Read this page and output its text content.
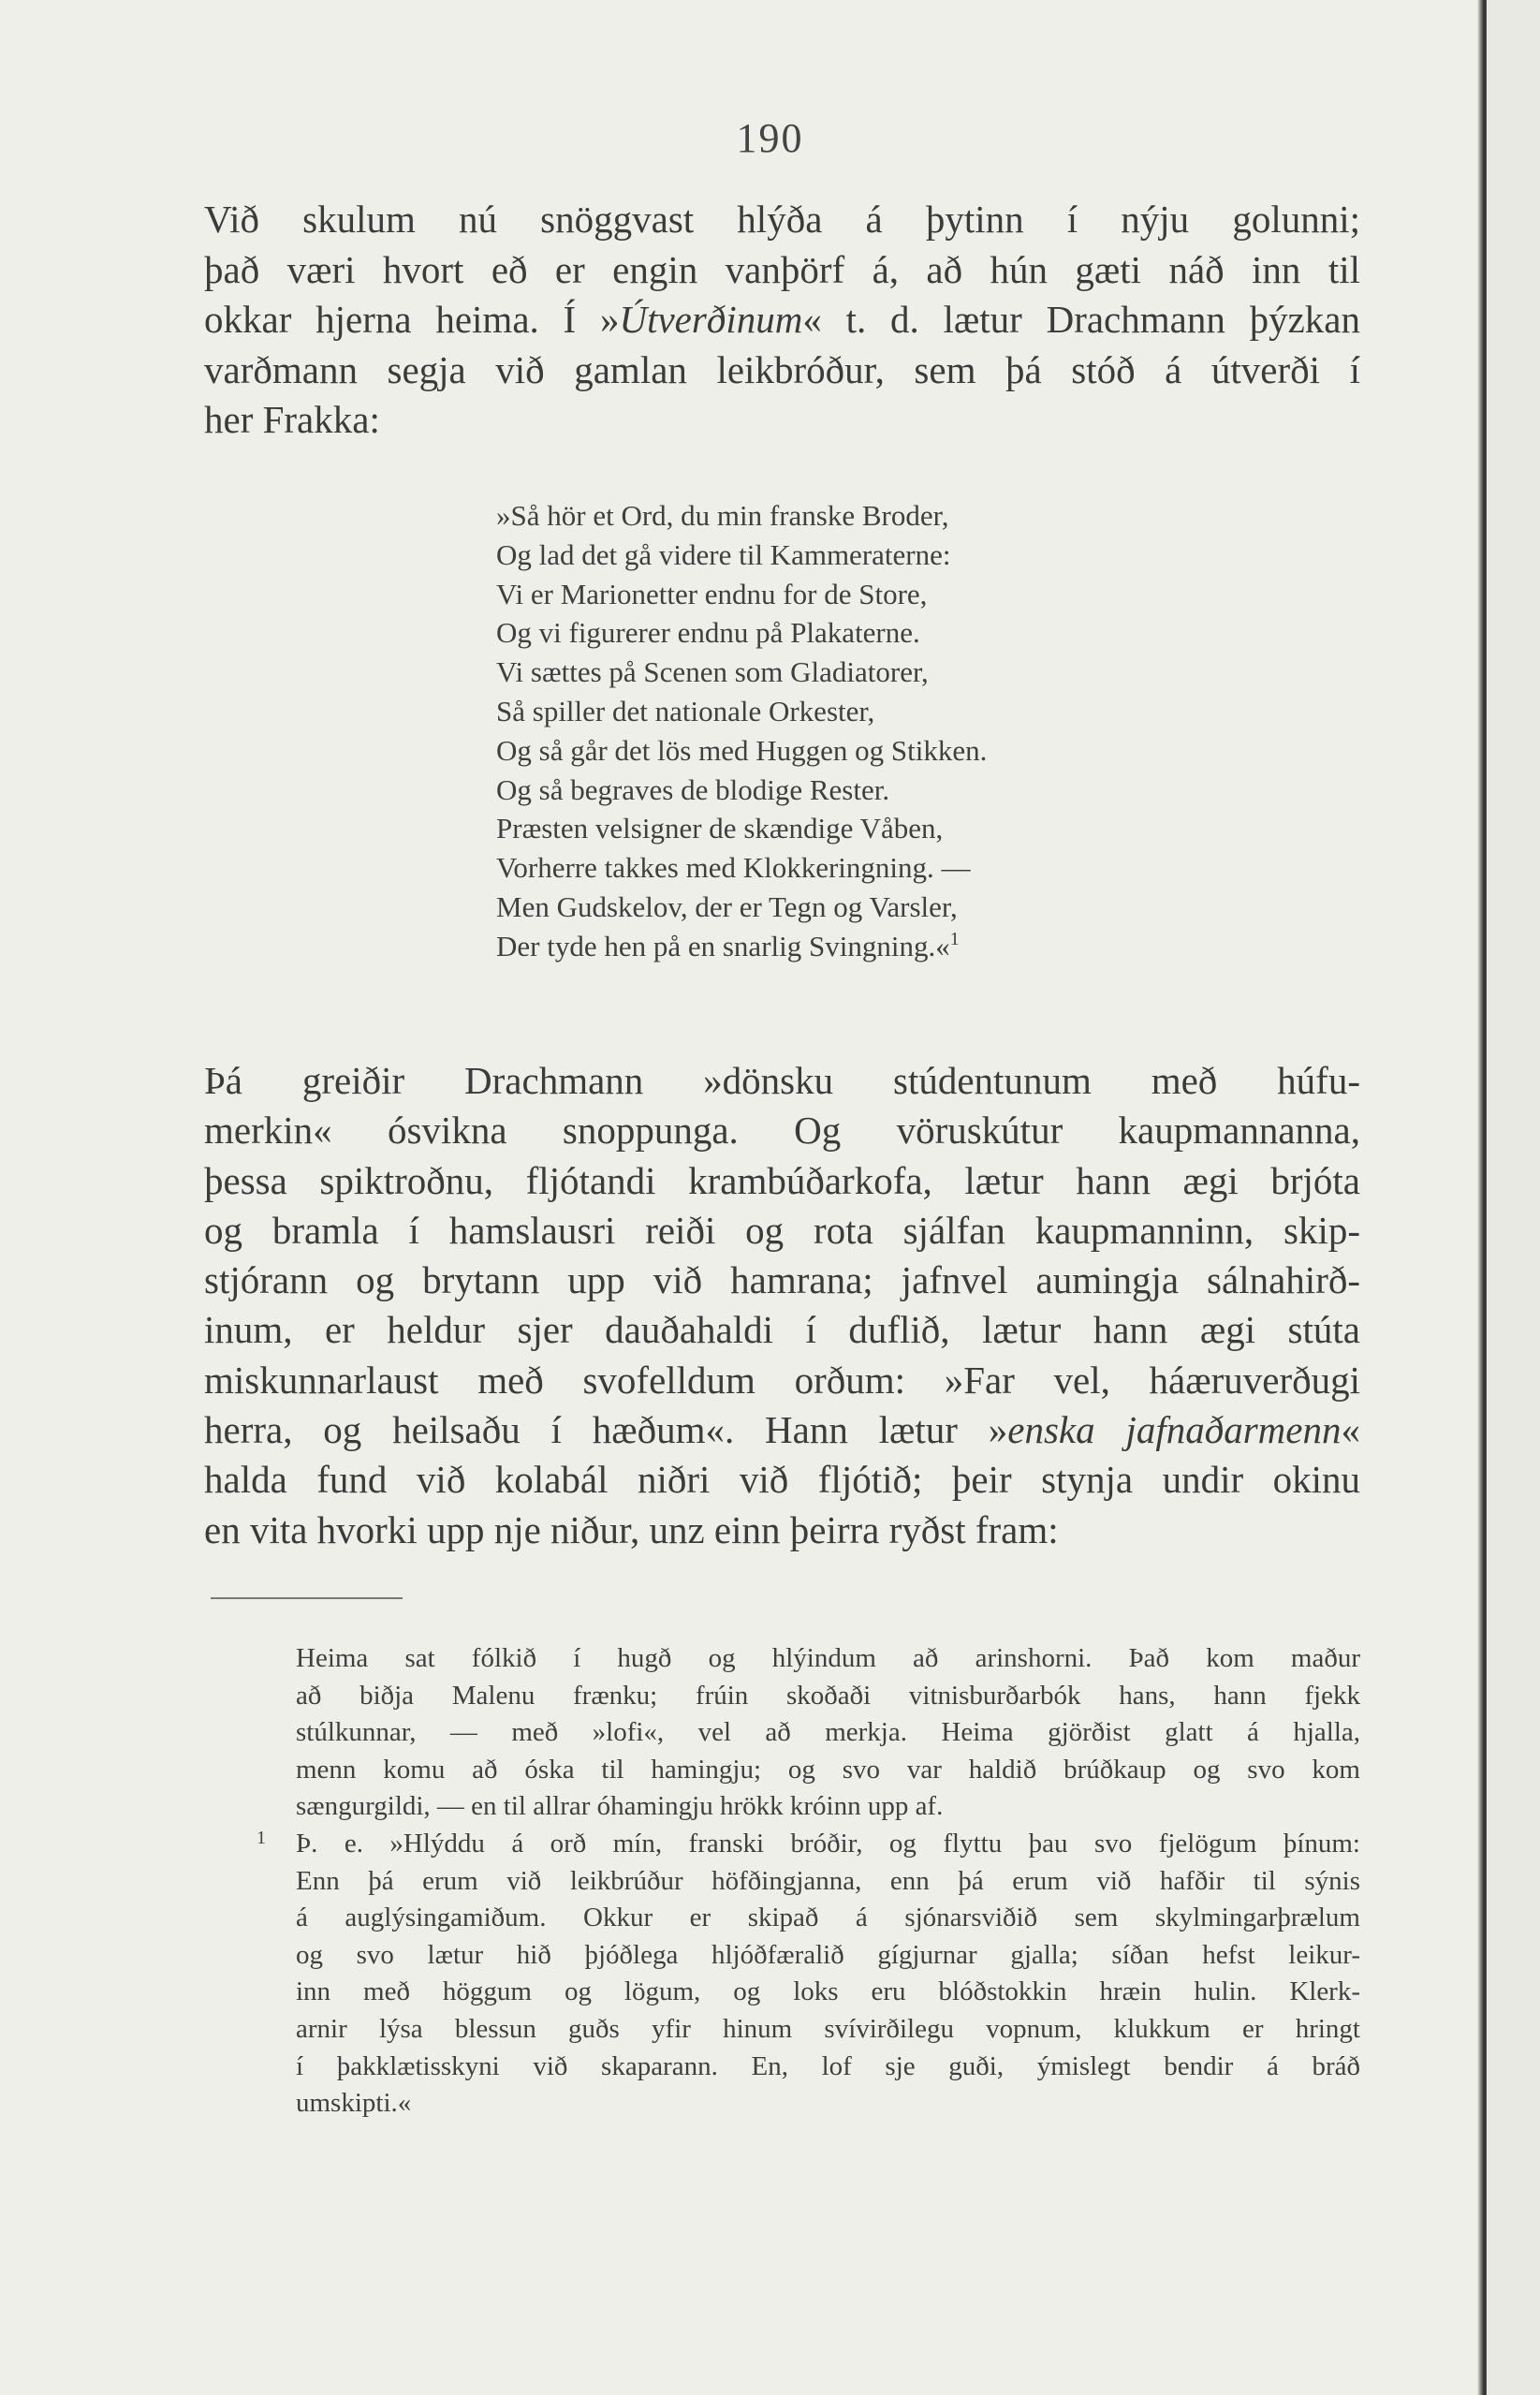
190
Við skulum nú snöggvast hlýða á þytinn í nýju golunni;
það væri hvort eð er engin vanþörf á, að hún gæti náð inn til
okkar hjerna heima. Í »Útverðinum« t. d. lætur Drachmann þýzkan
varðmann segja við gamlan leikbróður, sem þá stóð á útverði í
her Frakka:
»Så hör et Ord, du min franske Broder,
Og lad det gå videre til Kammeraterne:
Vi er Marionetter endnu for de Store,
Og vi figurerer endnu på Plakaterne.
Vi sættes på Scenen som Gladiatorer,
Så spiller det nationale Orkester,
Og så går det lös med Huggen og Stikken.
Og så begraves de blodige Rester.
Præsten velsigner de skændige Våben,
Vorherre takkes med Klokkeringning. —
Men Gudskelov, der er Tegn og Varsler,
Der tyde hen på en snarlig Svingning.«$^1$
Þá greiðir Drachmann »dönsku stúdentunum með húfu-
merkin« ósvikna snoppunga. Og vöruskútur kaupmannanna,
þessa spiktroðnu, fljótandi krambúðarkofa, lætur hann ægi brjóta
og bramla í hamslausri reiði og rota sjálfan kaupmanninn, skip-
stjórann og brytann upp við hamrana; jafnvel aumingja sálnahirð-
inum, er heldur sjer dauðahaldi í duflið, lætur hann ægi stúta
miskunnarlaust með svofelldum orðum: »Far vel, háæruverðugi
herra, og heilsaðu í hæðum«. Hann lætur »enska jafnaðarmenn«
halda fund við kolabál niðri við fljótið; þeir stynja undir okinu
en vita hvorki upp nje niður, unz einn þeirra ryðst fram:
Heima sat fólkið í hugð og hlýindum að arinshorni. Það kom maður
að biðja Malenu frænku; frúin skoðaði vitnisburðarbók hans, hann fjekk
stúlkunnar, — með »lofi«, vel að merkja. Heima gjörðist glatt á hjalla,
menn komu að óska til hamingju; og svo var haldið brúðkaup og svo kom
sængurgildi, — en til allrar óhamingju hrökk króinn upp af.
1 Þ. e. »Hlýddu á orð mín, franski bróðir, og flyttu þau svo fjelögum þínum:
Enn þá erum við leikbrúður höfðingjanna, enn þá erum við hafðir til sýnis
á auglýsingamiðum. Okkur er skipað á sjónarsviðið sem skylmingarþrælum
og svo lætur hið þjóðlega hljóðfæralið gígjurnar gjalla; síðan hefst leikur-
inn með höggum og lögum, og loks eru blóðstokkin hræin hulin. Klerk-
arnir lýsa blessun guðs yfir hinum svívirðilegu vopnum, klukkum er hringt
í þakklætisskyni við skaparann. En, lof sje guði, ýmislegt bendir á bráð
umskipti.«
